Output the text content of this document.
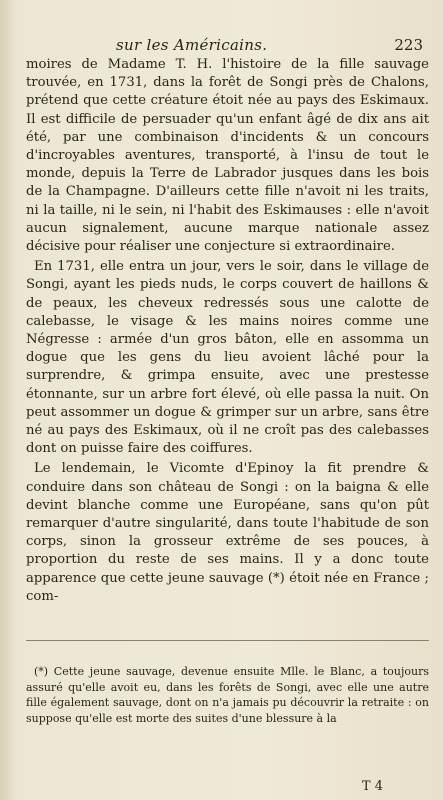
sur les Américains.	223

moires de Madame T. H. l'histoire de la fille sauvage trouvée, en 1731, dans la forêt de Songi près de Chalons, prétend que cette créature étoit née au pays des Eskimaux. Il est difficile de persuader qu'un enfant âgé de dix ans ait été, par une combinaison d'incidents & un concours d'incroyables aventures, transporté, à l'insu de tout le monde, depuis la Terre de Labrador jusques dans les bois de la Champagne. D'ailleurs cette fille n'avoit ni les traits, ni la taille, ni le sein, ni l'habit des Eskimauses : elle n'avoit aucun signalement, aucune marque nationale assez décisive pour réaliser une conjecture si extraordinaire.

En 1731, elle entra un jour, vers le soir, dans le village de Songi, ayant les pieds nuds, le corps couvert de haillons & de peaux, les cheveux redressés sous une calotte de calebasse, le visage & les mains noires comme une Négresse : armée d'un gros bâton, elle en assomma un dogue que les gens du lieu avoient lâché pour la surprendre, & grimpa ensuite, avec une prestesse étonnante, sur un arbre fort élevé, où elle passa la nuit. On peut assommer un dogue & grimper sur un arbre, sans être né au pays des Eskimaux, où il ne croît pas des calebasses dont on puisse faire des coiffures.

Le lendemain, le Vicomte d'Epinoy la fit prendre & conduire dans son château de Songi : on la baigna & elle devint blanche comme une Européane, sans qu'on pût remarquer d'autre singularité, dans toute l'habitude de son corps, sinon la grosseur extrême de ses pouces, à proportion du reste de ses mains. Il y a donc toute apparence que cette jeune sauvage (*) étoit née en France ; com-

(*) Cette jeune sauvage, devenue ensuite Mlle. le Blanc, a toujours assuré qu'elle avoit eu, dans les forêts de Songi, avec elle une autre fille également sauvage, dont on n'a jamais pu découvrir la retraite : on suppose qu'elle est morte des suites d'une blessure à la

T 4
